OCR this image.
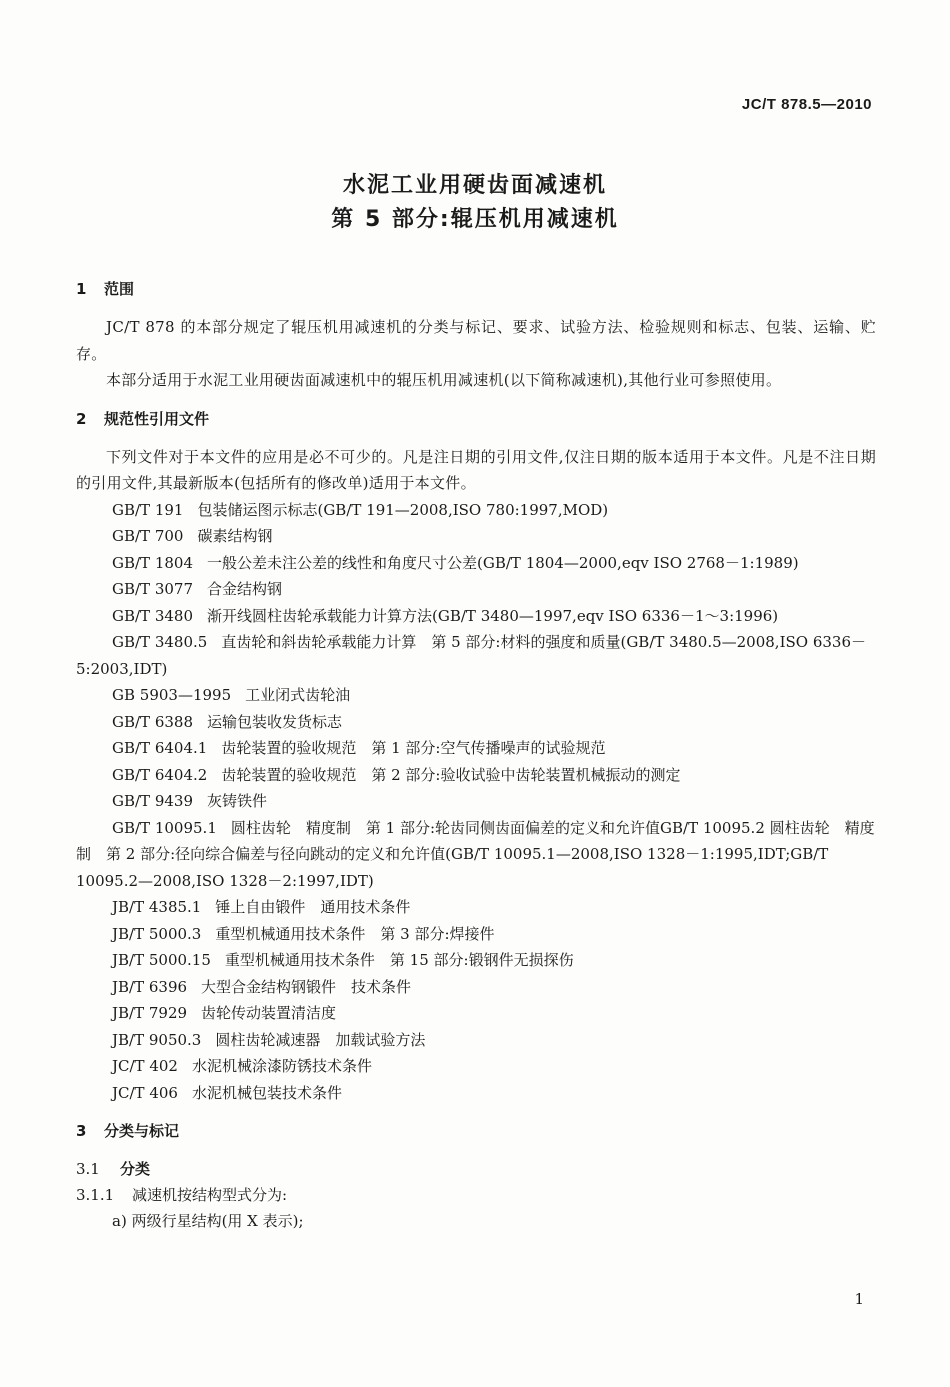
JC/T 878.5—2010
水泥工业用硬齿面减速机
第 5 部分:辊压机用减速机
1 范围
JC/T 878 的本部分规定了辊压机用减速机的分类与标记、要求、试验方法、检验规则和标志、包装、运输、贮存。
本部分适用于水泥工业用硬齿面减速机中的辊压机用减速机(以下简称减速机),其他行业可参照使用。
2 规范性引用文件
下列文件对于本文件的应用是必不可少的。凡是注日期的引用文件,仅注日期的版本适用于本文件。凡是不注日期的引用文件,其最新版本(包括所有的修改单)适用于本文件。
GB/T 191 包装储运图示标志(GB/T 191—2008,ISO 780:1997,MOD)
GB/T 700 碳素结构钢
GB/T 1804 一般公差未注公差的线性和角度尺寸公差(GB/T 1804—2000,eqv ISO 2768－1:1989)
GB/T 3077 合金结构钢
GB/T 3480 渐开线圆柱齿轮承载能力计算方法(GB/T 3480—1997,eqv ISO 6336－1～3:1996)
GB/T 3480.5 直齿轮和斜齿轮承载能力计算　第 5 部分:材料的强度和质量(GB/T 3480.5—2008,ISO 6336－5:2003,IDT)
GB 5903—1995 工业闭式齿轮油
GB/T 6388 运输包装收发货标志
GB/T 6404.1 齿轮装置的验收规范　第 1 部分:空气传播噪声的试验规范
GB/T 6404.2 齿轮装置的验收规范　第 2 部分:验收试验中齿轮装置机械振动的测定
GB/T 9439 灰铸铁件
GB/T 10095.1 圆柱齿轮　精度制　第 1 部分:轮齿同侧齿面偏差的定义和允许值GB/T 10095.2 圆柱齿轮　精度制　第 2 部分:径向综合偏差与径向跳动的定义和允许值(GB/T 10095.1—2008,ISO 1328－1:1995,IDT;GB/T 10095.2—2008,ISO 1328－2:1997,IDT)
JB/T 4385.1 锤上自由锻件　通用技术条件
JB/T 5000.3 重型机械通用技术条件　第 3 部分:焊接件
JB/T 5000.15 重型机械通用技术条件　第 15 部分:锻钢件无损探伤
JB/T 6396 大型合金结构钢锻件　技术条件
JB/T 7929 齿轮传动装置清洁度
JB/T 9050.3 圆柱齿轮减速器　加载试验方法
JC/T 402 水泥机械涂漆防锈技术条件
JC/T 406 水泥机械包装技术条件
3 分类与标记
3.1 分类
3.1.1 减速机按结构型式分为:
a) 两级行星结构(用 X 表示);
1
